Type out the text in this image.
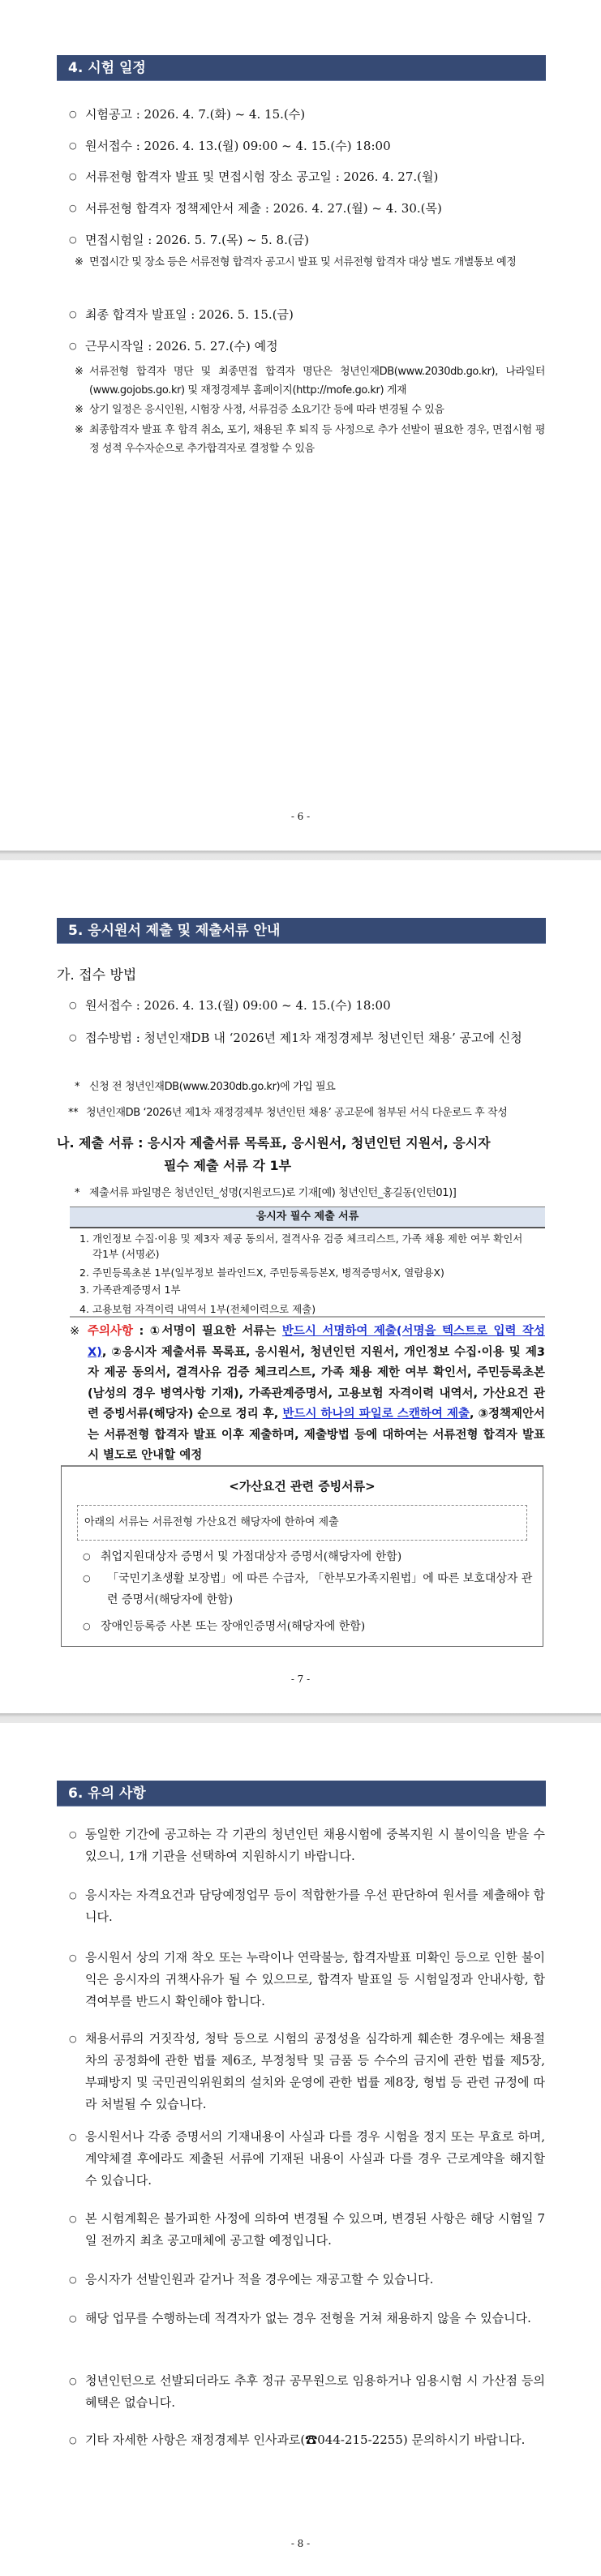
4. 시험 일정
○ 시험공고 : 2026. 4. 7.(화) ~ 4. 15.(수)
○ 원서접수 : 2026. 4. 13.(월) 09:00 ~ 4. 15.(수) 18:00
○ 서류전형 합격자 발표 및 면접시험 장소 공고일 : 2026. 4. 27.(월)
○ 서류전형 합격자 정책제안서 제출 : 2026. 4. 27.(월) ~ 4. 30.(목)
○ 면접시험일 : 2026. 5. 7.(목) ~ 5. 8.(금)
※ 면접시간 및 장소 등은 서류전형 합격자 공고시 발표 및 서류전형 합격자 대상 별도 개별통보 예정
○ 최종 합격자 발표일 : 2026. 5. 15.(금)
○ 근무시작일 : 2026. 5. 27.(수) 예정
※ 서류전형 합격자 명단 및 최종면접 합격자 명단은 청년인재DB(www.2030db.go.kr), 나라일터(www.gojobs.go.kr) 및 재정경제부 홈페이지(http://mofe.go.kr) 게재
※ 상기 일정은 응시인원, 시험장 사정, 서류검증 소요기간 등에 따라 변경될 수 있음
※ 최종합격자 발표 후 합격 취소, 포기, 채용된 후 퇴직 등 사정으로 추가 선발이 필요한 경우, 면접시험 평정 성적 우수자순으로 추가합격자로 결정할 수 있음
- 6 -
5. 응시원서 제출 및 제출서류 안내
가. 접수 방법
○ 원서접수 : 2026. 4. 13.(월) 09:00 ~ 4. 15.(수) 18:00
○ 접수방법 : 청년인재DB 내 ‘2026년 제1차 재정경제부 청년인턴 채용’ 공고에 신청
* 신청 전 청년인재DB(www.2030db.go.kr)에 가입 필요
** 청년인재DB ‘2026년 제1차 재정경제부 청년인턴 채용’ 공고문에 첨부된 서식 다운로드 후 작성
나. 제출 서류 : 응시자 제출서류 목록표, 응시원서, 청년인턴 지원서, 응시자
필수 제출 서류 각 1부
* 제출서류 파일명은 청년인턴_성명(지원코드)로 기재[예) 청년인턴_홍길동(인턴01)]
응시자 필수 제출 서류
1. 개인정보 수집·이용 및 제3자 제공 동의서, 결격사유 검증 체크리스트, 가족 채용 제한 여부 확인서 각1부 (서명必)
2. 주민등록초본 1부(일부정보 블라인드X, 주민등록등본X, 병적증명서X, 열람용X)
3. 가족관계증명서 1부
4. 고용보험 자격이력 내역서 1부(전체이력으로 제출)
※ 주의사항 : ①서명이 필요한 서류는 반드시 서명하여 제출(서명을 텍스트로 입력 작성 X), ②응시자 제출서류 목록표, 응시원서, 청년인턴 지원서, 개인정보 수집·이용 및 제3자 제공 동의서, 결격사유 검증 체크리스트, 가족 채용 제한 여부 확인서, 주민등록초본(남성의 경우 병역사항 기재), 가족관계증명서, 고용보험 자격이력 내역서, 가산요건 관련 증빙서류(해당자) 순으로 정리 후, 반드시 하나의 파일로 스캔하여 제출, ③정책제안서는 서류전형 합격자 발표 이후 제출하며, 제출방법 등에 대하여는 서류전형 합격자 발표 시 별도로 안내할 예정
<가산요건 관련 증빙서류>
아래의 서류는 서류전형 가산요건 해당자에 한하여 제출
○ 취업지원대상자 증명서 및 가점대상자 증명서(해당자에 한함)
○ 「국민기초생활 보장법」에 따른 수급자, 「한부모가족지원법」에 따른 보호대상자 관련 증명서(해당자에 한함)
○ 장애인등록증 사본 또는 장애인증명서(해당자에 한함)
- 7 -
6. 유의 사항
○ 동일한 기간에 공고하는 각 기관의 청년인턴 채용시험에 중복지원 시 불이익을 받을 수 있으니, 1개 기관을 선택하여 지원하시기 바랍니다.
○ 응시자는 자격요건과 담당예정업무 등이 적합한가를 우선 판단하여 원서를 제출해야 합니다.
○ 응시원서 상의 기재 착오 또는 누락이나 연락불능, 합격자발표 미확인 등으로 인한 불이익은 응시자의 귀책사유가 될 수 있으므로, 합격자 발표일 등 시험일정과 안내사항, 합격여부를 반드시 확인해야 합니다.
○ 채용서류의 거짓작성, 청탁 등으로 시험의 공정성을 심각하게 훼손한 경우에는 채용절차의 공정화에 관한 법률 제6조, 부정청탁 및 금품 등 수수의 금지에 관한 법률 제5장, 부패방지 및 국민권익위원회의 설치와 운영에 관한 법률 제8장, 형법 등 관련 규정에 따라 처벌될 수 있습니다.
○ 응시원서나 각종 증명서의 기재내용이 사실과 다를 경우 시험을 정지 또는 무효로 하며, 계약체결 후에라도 제출된 서류에 기재된 내용이 사실과 다를 경우 근로계약을 해지할 수 있습니다.
○ 본 시험계획은 불가피한 사정에 의하여 변경될 수 있으며, 변경된 사항은 해당 시험일 7일 전까지 최초 공고매체에 공고할 예정입니다.
○ 응시자가 선발인원과 같거나 적을 경우에는 재공고할 수 있습니다.
○ 해당 업무를 수행하는데 적격자가 없는 경우 전형을 거쳐 채용하지 않을 수 있습니다.
○ 청년인턴으로 선발되더라도 추후 정규 공무원으로 임용하거나 임용시험 시 가산점 등의 혜택은 없습니다.
○ 기타 자세한 사항은 재정경제부 인사과로(☎044-215-2255) 문의하시기 바랍니다.
- 8 -
